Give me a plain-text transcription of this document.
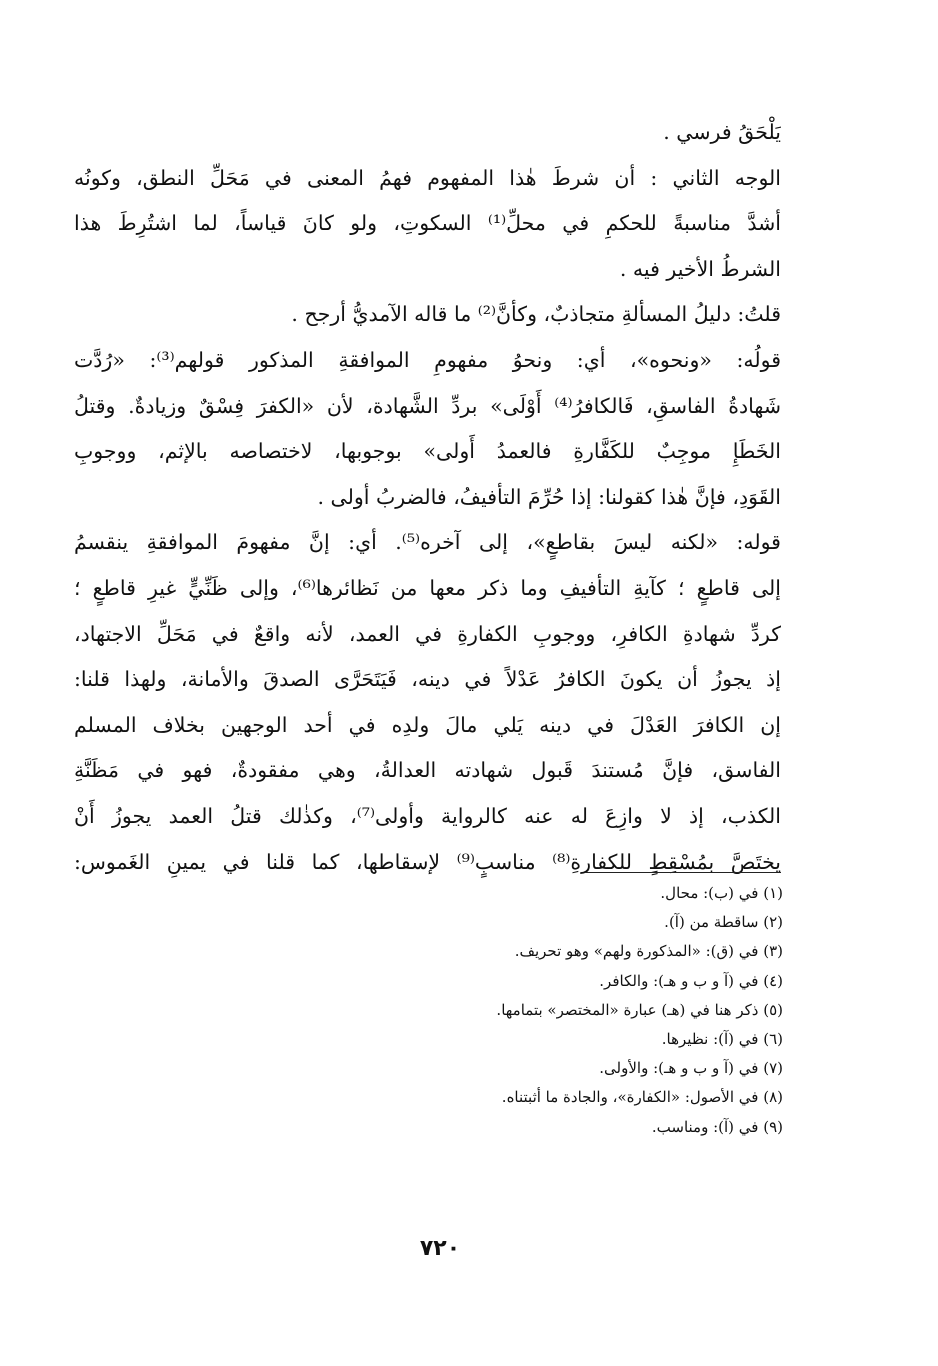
يَلْحَقُ فرسي .
الوجه الثاني : أن شرطَ هٰذا المفهوم فهمُ المعنى في مَحَلِّ النطق، وكونُه
أشدَّ مناسبةً للحكمِ في محلِّ⁽¹⁾ السكوتِ، ولو كانَ قياساً، لما اشتُرِطَ هذا
الشرطُ الأخير فيه .
قلتُ: دليلُ المسألةِ متجاذبٌ، وكأنَّ⁽²⁾ ما قاله الآمديُّ أرجح .
قولُه: «ونحوه»، أي: ونحوُ مفهومِ الموافقةِ المذكور قولهم⁽³⁾: «رُدَّت
شَهادةُ الفاسقِ، فَالكافرُ⁽⁴⁾ أَوْلَى» بردِّ الشَّهادة، لأن «الكفرَ فِسْقٌ وزيادةٌ. وقتلُ
الخَطَإِ موجِبٌ للكَفَّارةِ فالعمدُ أَولى» بوجوبها، لاختصاصه بالإثم، ووجوبِ
القَوَدِ، فإنَّ هٰذا كقولنا: إذا حُرِّمَ التأفيفُ، فالضربُ أولى .
قوله: «لكنه ليسَ بقاطعٍ»، إلى آخره⁽⁵⁾. أي: إنَّ مفهومَ الموافقةِ ينقسمُ
إلى قاطعٍ ؛ كآيةِ التأفيفِ وما ذكر معها من نَظائرها⁽⁶⁾، وإلى ظَنِّيٍّ غيرِ قاطعٍ ؛
كردِّ شهادةِ الكافرِ، ووجوبِ الكفارةِ في العمد، لأنه واقعٌ في مَحَلِّ الاجتهاد،
إذ يجوزُ أن يكونَ الكافرُ عَدْلاً في دينه، فَيَتَحَرَّى الصدقَ والأمانة، ولهذا قلنا:
إن الكافرَ العَدْلَ في دينه يَلي مالَ ولدِه في أحد الوجهين بخلاف المسلم
الفاسق، فإنَّ مُستندَ قَبول شهادته العدالةُ، وهي مفقودةٌ، فهو في مَظَنَّةِ
الكذب، إذ لا وازِعَ له عنه كالرواية وأولى⁽⁷⁾، وكذٰلك قتلُ العمد يجوزُ أَنْ
يختَصَّ بمُسْقِطٍ للكفارةِ⁽⁸⁾ مناسبٍ⁽⁹⁾ لإسقاطها، كما قلنا في يمينِ الغَموس:
(١) في (ب): محال.
(٢) ساقطة من (آ).
(٣) في (ق): «المذكورة ولهم» وهو تحريف.
(٤) في (آ و ب و هـ): والكافر.
(٥) ذكر هنا في (هـ) عبارة «المختصر» بتمامها.
(٦) في (آ): نظيرها.
(٧) في (آ و ب و هـ): والأولى.
(٨) في الأصول: «الكفارة»، والجادة ما أثبتناه.
(٩) في (آ): ومناسب.
٧٢٠
